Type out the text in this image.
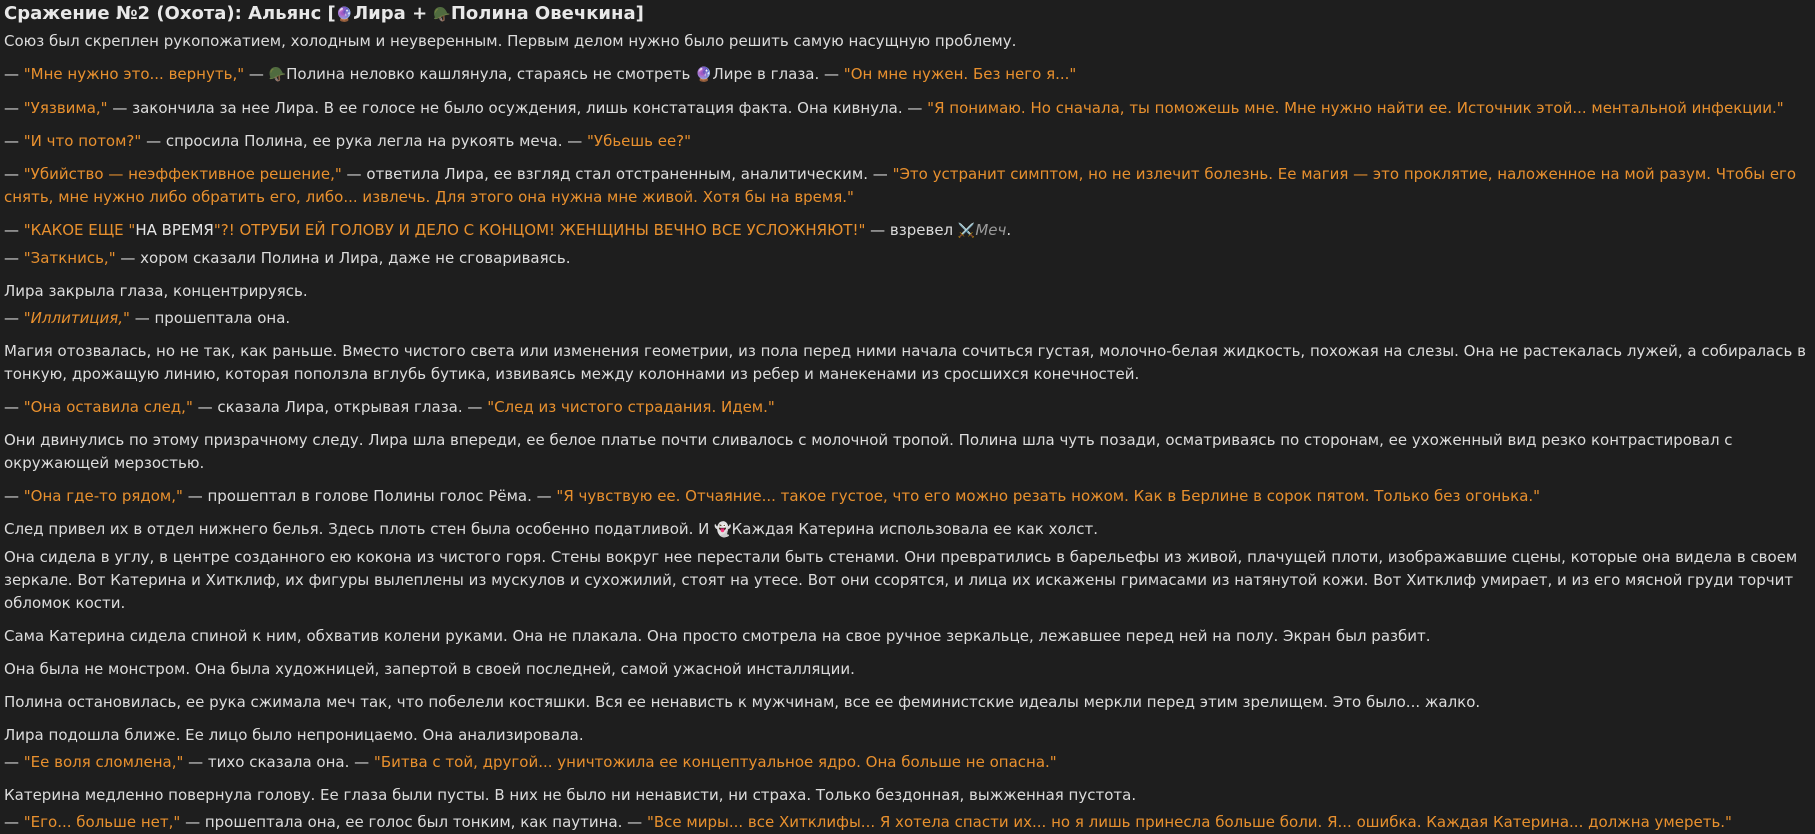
Сражение №2 (Охота): Альянс [🔮Лира + 🪖Полина Овечкина]
Союз был скреплен рукопожатием, холодным и неуверенным. Первым делом нужно было решить самую насущную проблему.
— "Мне нужно это... вернуть," — 🪖Полина неловко кашлянула, стараясь не смотреть 🔮Лире в глаза. — "Он мне нужен. Без него я..."
— "Уязвима," — закончила за нее Лира. В ее голосе не было осуждения, лишь констатация факта. Она кивнула. — "Я понимаю. Но сначала, ты поможешь мне. Мне нужно найти ее. Источник этой... ментальной инфекции."
— "И что потом?" — спросила Полина, ее рука легла на рукоять меча. — "Убьешь ее?"
— "Убийство — неэффективное решение," — ответила Лира, ее взгляд стал отстраненным, аналитическим. — "Это устранит симптом, но не излечит болезнь. Ее магия — это проклятие, наложенное на мой разум. Чтобы его снять, мне нужно либо обратить его, либо... извлечь. Для этого она нужна мне живой. Хотя бы на время."
— "КАКОЕ ЕЩЕ "НА ВРЕМЯ"?! ОТРУБИ ЕЙ ГОЛОВУ И ДЕЛО С КОНЦОМ! ЖЕНЩИНЫ ВЕЧНО ВСЕ УСЛОЖНЯЮТ!" — взревел ⚔️Меч.
— "Заткнись," — хором сказали Полина и Лира, даже не сговариваясь.
Лира закрыла глаза, концентрируясь.
— "Иллитиция," — прошептала она.
Магия отозвалась, но не так, как раньше. Вместо чистого света или изменения геометрии, из пола перед ними начала сочиться густая, молочно-белая жидкость, похожая на слезы. Она не растекалась лужей, а собиралась в тонкую, дрожащую линию, которая поползла вглубь бутика, извиваясь между колоннами из ребер и манекенами из сросшихся конечностей.
— "Она оставила след," — сказала Лира, открывая глаза. — "След из чистого страдания. Идем."
Они двинулись по этому призрачному следу. Лира шла впереди, ее белое платье почти сливалось с молочной тропой. Полина шла чуть позади, осматриваясь по сторонам, ее ухоженный вид резко контрастировал с окружающей мерзостью.
— "Она где-то рядом," — прошептал в голове Полины голос Рёма. — "Я чувствую ее. Отчаяние... такое густое, что его можно резать ножом. Как в Берлине в сорок пятом. Только без огонька."
След привел их в отдел нижнего белья. Здесь плоть стен была особенно податливой. И 👻Каждая Катерина использовала ее как холст.
Она сидела в углу, в центре созданного ею кокона из чистого горя. Стены вокруг нее перестали быть стенами. Они превратились в барельефы из живой, плачущей плоти, изображавшие сцены, которые она видела в своем зеркале. Вот Катерина и Хитклиф, их фигуры вылеплены из мускулов и сухожилий, стоят на утесе. Вот они ссорятся, и лица их искажены гримасами из натянутой кожи. Вот Хитклиф умирает, и из его мясной груди торчит обломок кости.
Сама Катерина сидела спиной к ним, обхватив колени руками. Она не плакала. Она просто смотрела на свое ручное зеркальце, лежавшее перед ней на полу. Экран был разбит.
Она была не монстром. Она была художницей, запертой в своей последней, самой ужасной инсталляции.
Полина остановилась, ее рука сжимала меч так, что побелели костяшки. Вся ее ненависть к мужчинам, все ее феминистские идеалы меркли перед этим зрелищем. Это было... жалко.
Лира подошла ближе. Ее лицо было непроницаемо. Она анализировала.
— "Ее воля сломлена," — тихо сказала она. — "Битва с той, другой... уничтожила ее концептуальное ядро. Она больше не опасна."
Катерина медленно повернула голову. Ее глаза были пусты. В них не было ни ненависти, ни страха. Только бездонная, выжженная пустота.
— "Его... больше нет," — прошептала она, ее голос был тонким, как паутина. — "Все миры... все Хитклифы... Я хотела спасти их... но я лишь принесла больше боли. Я... ошибка. Каждая Катерина... должна умереть."
